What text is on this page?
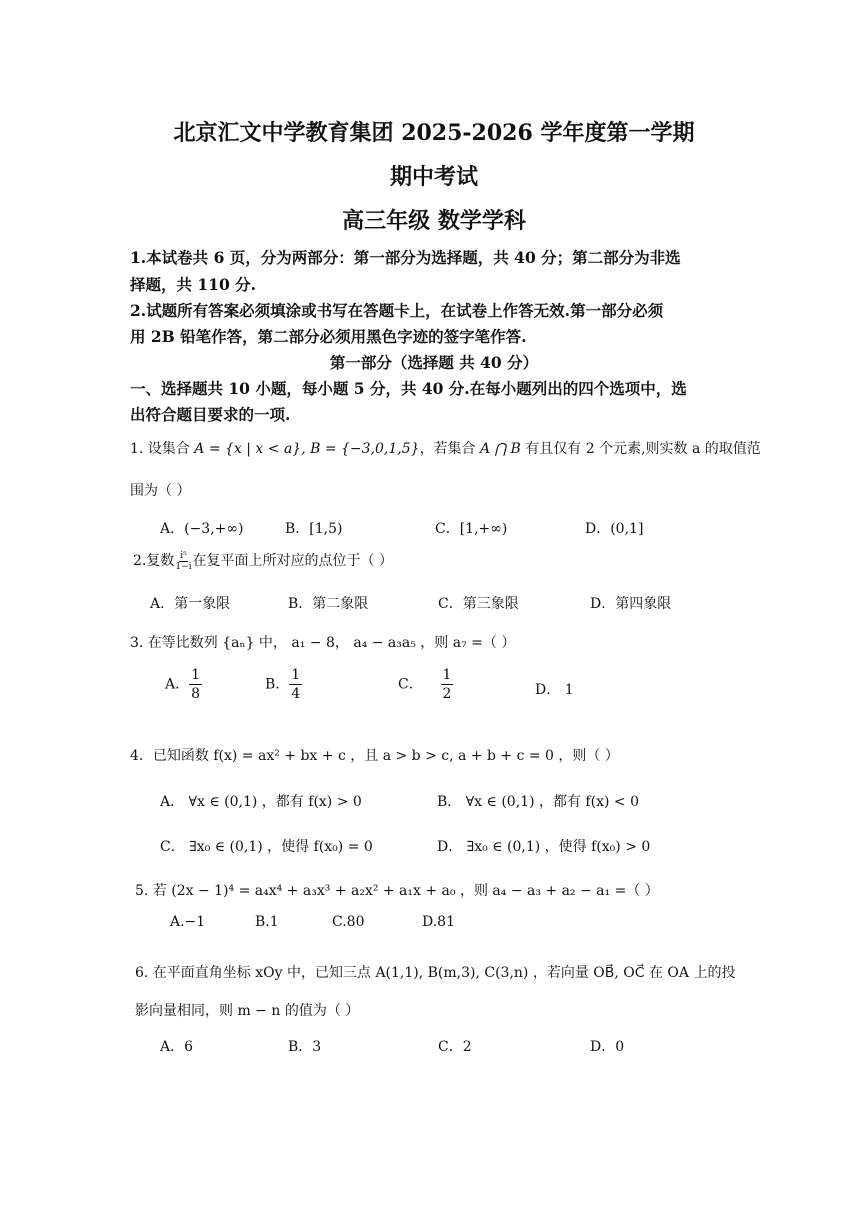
北京汇文中学教育集团 2025-2026 学年度第一学期
期中考试
高三年级 数学学科
1.本试卷共 6 页，分为两部分：第一部分为选择题，共 40 分；第二部分为非选
择题，共 110 分.
2.试题所有答案必须填涂或书写在答题卡上，在试卷上作答无效.第一部分必须
用 2B 铅笔作答，第二部分必须用黑色字迹的签字笔作答.
第一部分（选择题 共 40 分）
一、选择题共 10 小题，每小题 5 分，共 40 分.在每小题列出的四个选项中，选
出符合题目要求的一项.
1. 设集合 A = {x | x < a}, B = {−3,0,1,5}，若集合 A ⋂ B 有且仅有 2 个元素,则实数 a 的取值范
围为（ ）
A．(−3,+∞)	B．[1,5)	C．[1,+∞)	D．(0,1]
2.复数 $\frac{\text{i⁵}}{1-i}$ 在复平面上所对应的点位于（ ）
A．第一象限	B．第二象限	C．第三象限	D．第四象限
3. 在等比数列 {aₙ} 中， a₁ − 8， a₄ − a₃a₅ ，则 a₇ =（ ）
A． $\frac{1}{8}$	B． $\frac{1}{4}$	C． $\frac{1}{2}$	D． 1
4．已知函数 f(x) = ax² + bx + c ，且 a > b > c, a + b + c = 0 ，则（ ）
A． ∀x ∈ (0,1) ，都有 f(x) > 0	B． ∀x ∈ (0,1) ，都有 f(x) < 0
C． ∃x₀ ∈ (0,1) ，使得 f(x₀) = 0	D． ∃x₀ ∈ (0,1) ，使得 f(x₀) > 0
5. 若 (2x − 1)⁴ = a₄x⁴ + a₃x³ + a₂x² + a₁x + a₀ ，则 a₄ − a₃ + a₂ − a₁ =（ ）
A.−1	B.1	C.80	D.81
6. 在平面直角坐标 xOy 中，已知三点 A(1,1), B(m,3), C(3,n) ，若向量 OB⃗, OC⃗ 在 OA 上的投
影向量相同，则 m − n 的值为（ ）
A．6	B．3	C．2	D．0
